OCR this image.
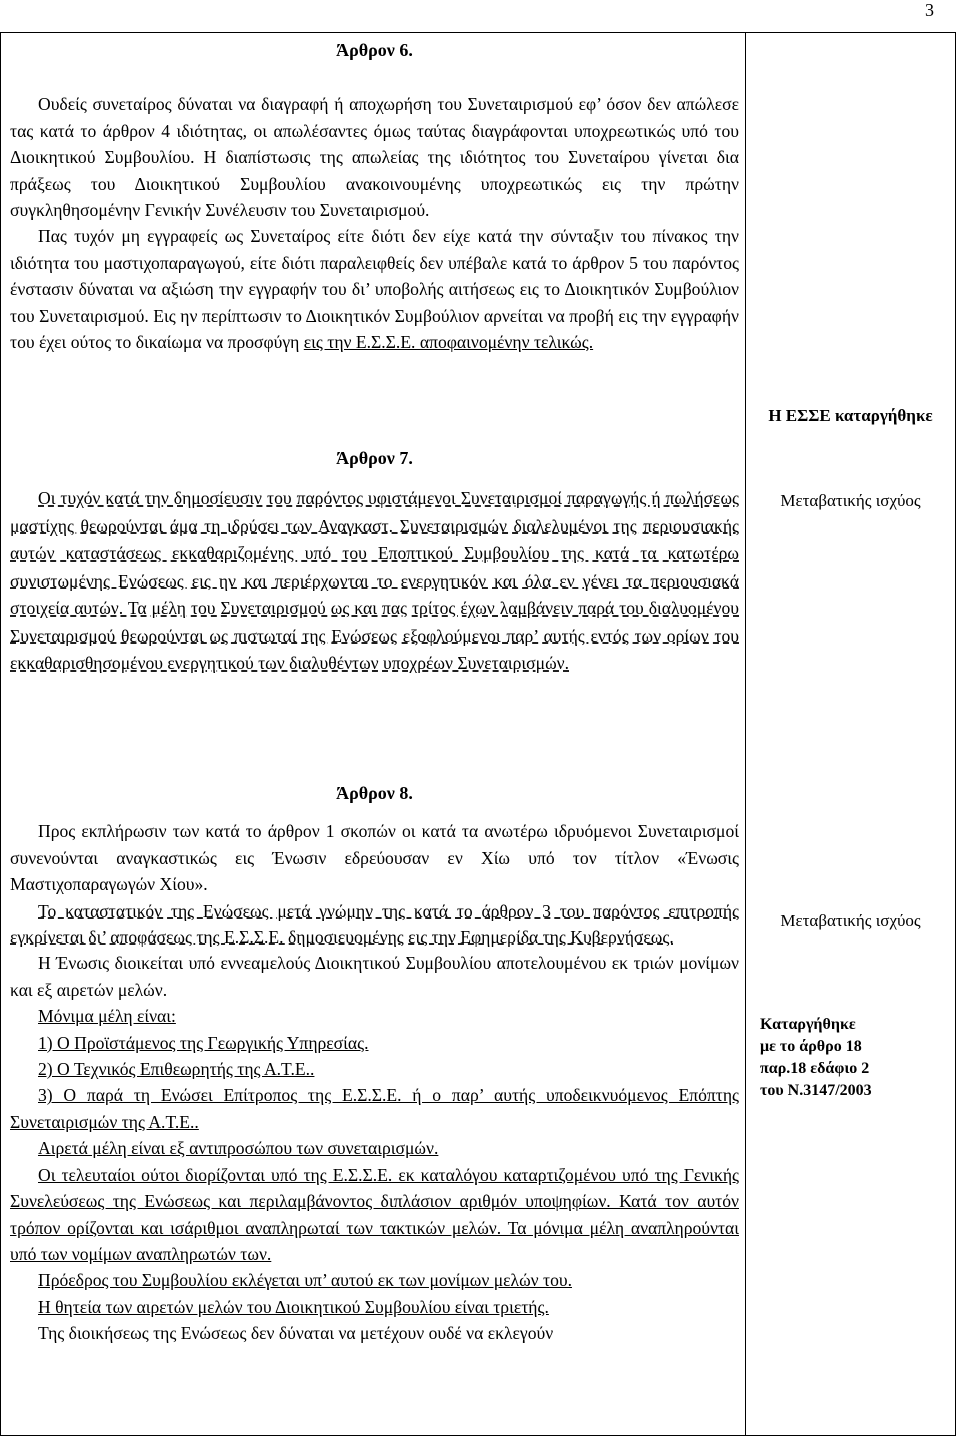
3
Άρθρον 6.
Ουδείς συνεταίρος δύναται να διαγραφή ή αποχωρήση του Συνεταιρισμού εφ’ όσον δεν απώλεσε τας κατά το άρθρον 4 ιδιότητας, οι απωλέσαντες όμως ταύτας διαγράφονται υποχρεωτικώς υπό του Διοικητικού Συμβουλίου. Η διαπίστωσις της απωλείας της ιδιότητος του Συνεταίρου γίνεται δια πράξεως του Διοικητικού Συμβουλίου ανακοινουμένης υποχρεωτικώς εις την πρώτην συγκληθησομένην Γενικήν Συνέλευσιν του Συνεταιρισμού.
Πας τυχόν μη εγγραφείς ως Συνεταίρος είτε διότι δεν είχε κατά την σύνταξιν του πίνακος την ιδιότητα του μαστιχοπαραγωγού, είτε διότι παραλειφθείς δεν υπέβαλε κατά το άρθρον 5 του παρόντος ένστασιν δύναται να αξιώση την εγγραφήν του δι’ υποβολής αιτήσεως εις το Διοικητικόν Συμβούλιον του Συνεταιρισμού. Εις ην περίπτωσιν το Διοικητικόν Συμβούλιον αρνείται να προβή εις την εγγραφήν του έχει ούτος το δικαίωμα να προσφύγη εις την Ε.Σ.Σ.Ε. αποφαινομένην τελικώς.
Η ΕΣΣΕ καταργήθηκε
Άρθρον 7.
Οι τυχόν κατά την δημοσίευσιν του παρόντος υφιστάμενοι Συνεταιρισμοί παραγωγής ή πωλήσεως μαστίχης θεωρούνται άμα τη ιδρύσει των Αναγκαστ. Συνεταιρισμών διαλελυμένοι της περιουσιακής αυτών καταστάσεως εκκαθαριζομένης υπό του Εποπτικού Συμβουλίου της κατά τα κατωτέρω συνιστωμένης Ενώσεως εις ην και περιέρχωνται το ενεργητικόν και όλα εν γένει τα περιουσιακά στοιχεία αυτών. Τα μέλη του Συνεταιρισμού ως και πας τρίτος έχων λαμβάνειν παρά του διαλυομένου Συνεταιρισμού θεωρούνται ως πιστωταί της Ενώσεως εξοφλούμενοι παρ’ αυτής εντός των ορίων του εκκαθαρισθησομένου ενεργητικού των διαλυθέντων υποχρέων Συνεταιρισμών.
Μεταβατικής ισχύος
Άρθρον 8.
Προς εκπλήρωσιν των κατά το άρθρον 1 σκοπών οι κατά τα ανωτέρω ιδρυόμενοι Συνεταιρισμοί συνενούνται αναγκαστικώς εις Ένωσιν εδρεύουσαν εν Χίω υπό τον τίτλον «Ένωσις Μαστιχοπαραγωγών Χίου».
Το καταστατικόν της Ενώσεως μετά γνώμην της κατά το άρθρον 3 του παρόντος επιτροπής εγκρίνεται δι’ αποφάσεως της Ε.Σ.Σ.Ε. δημοσιευομένης εις την Εφημερίδα της Κυβερνήσεως.
Η Ένωσις διοικείται υπό εννεαμελούς Διοικητικού Συμβουλίου αποτελουμένου εκ τριών μονίμων και εξ αιρετών μελών.
Μόνιμα μέλη είναι:
1) Ο Προϊστάμενος της Γεωργικής Υπηρεσίας.
2) Ο Τεχνικός Επιθεωρητής της Α.Τ.Ε..
3) Ο παρά τη Ενώσει Επίτροπος της Ε.Σ.Σ.Ε. ή ο παρ’ αυτής υποδεικνυόμενος Επόπτης Συνεταιρισμών της Α.Τ.Ε..
Αιρετά μέλη είναι εξ αντιπροσώπου των συνεταιρισμών.
Οι τελευταίοι ούτοι διορίζονται υπό της Ε.Σ.Σ.Ε. εκ καταλόγου καταρτιζομένου υπό της Γενικής Συνελεύσεως της Ενώσεως και περιλαμβάνοντος διπλάσιον αριθμόν υποψηφίων. Κατά τον αυτόν τρόπον ορίζονται και ισάριθμοι αναπληρωταί των τακτικών μελών. Τα μόνιμα μέλη αναπληρούνται υπό των νομίμων αναπληρωτών των.
Πρόεδρος του Συμβουλίου εκλέγεται υπ’ αυτού εκ των μονίμων μελών του.
Η θητεία των αιρετών μελών του Διοικητικού Συμβουλίου είναι τριετής.
Της διοικήσεως της Ενώσεως δεν δύναται να μετέχουν ουδέ να εκλεγούν
Μεταβατικής ισχύος
Καταργήθηκε
με το άρθρο 18
παρ.18 εδάφιο 2
του Ν.3147/2003
